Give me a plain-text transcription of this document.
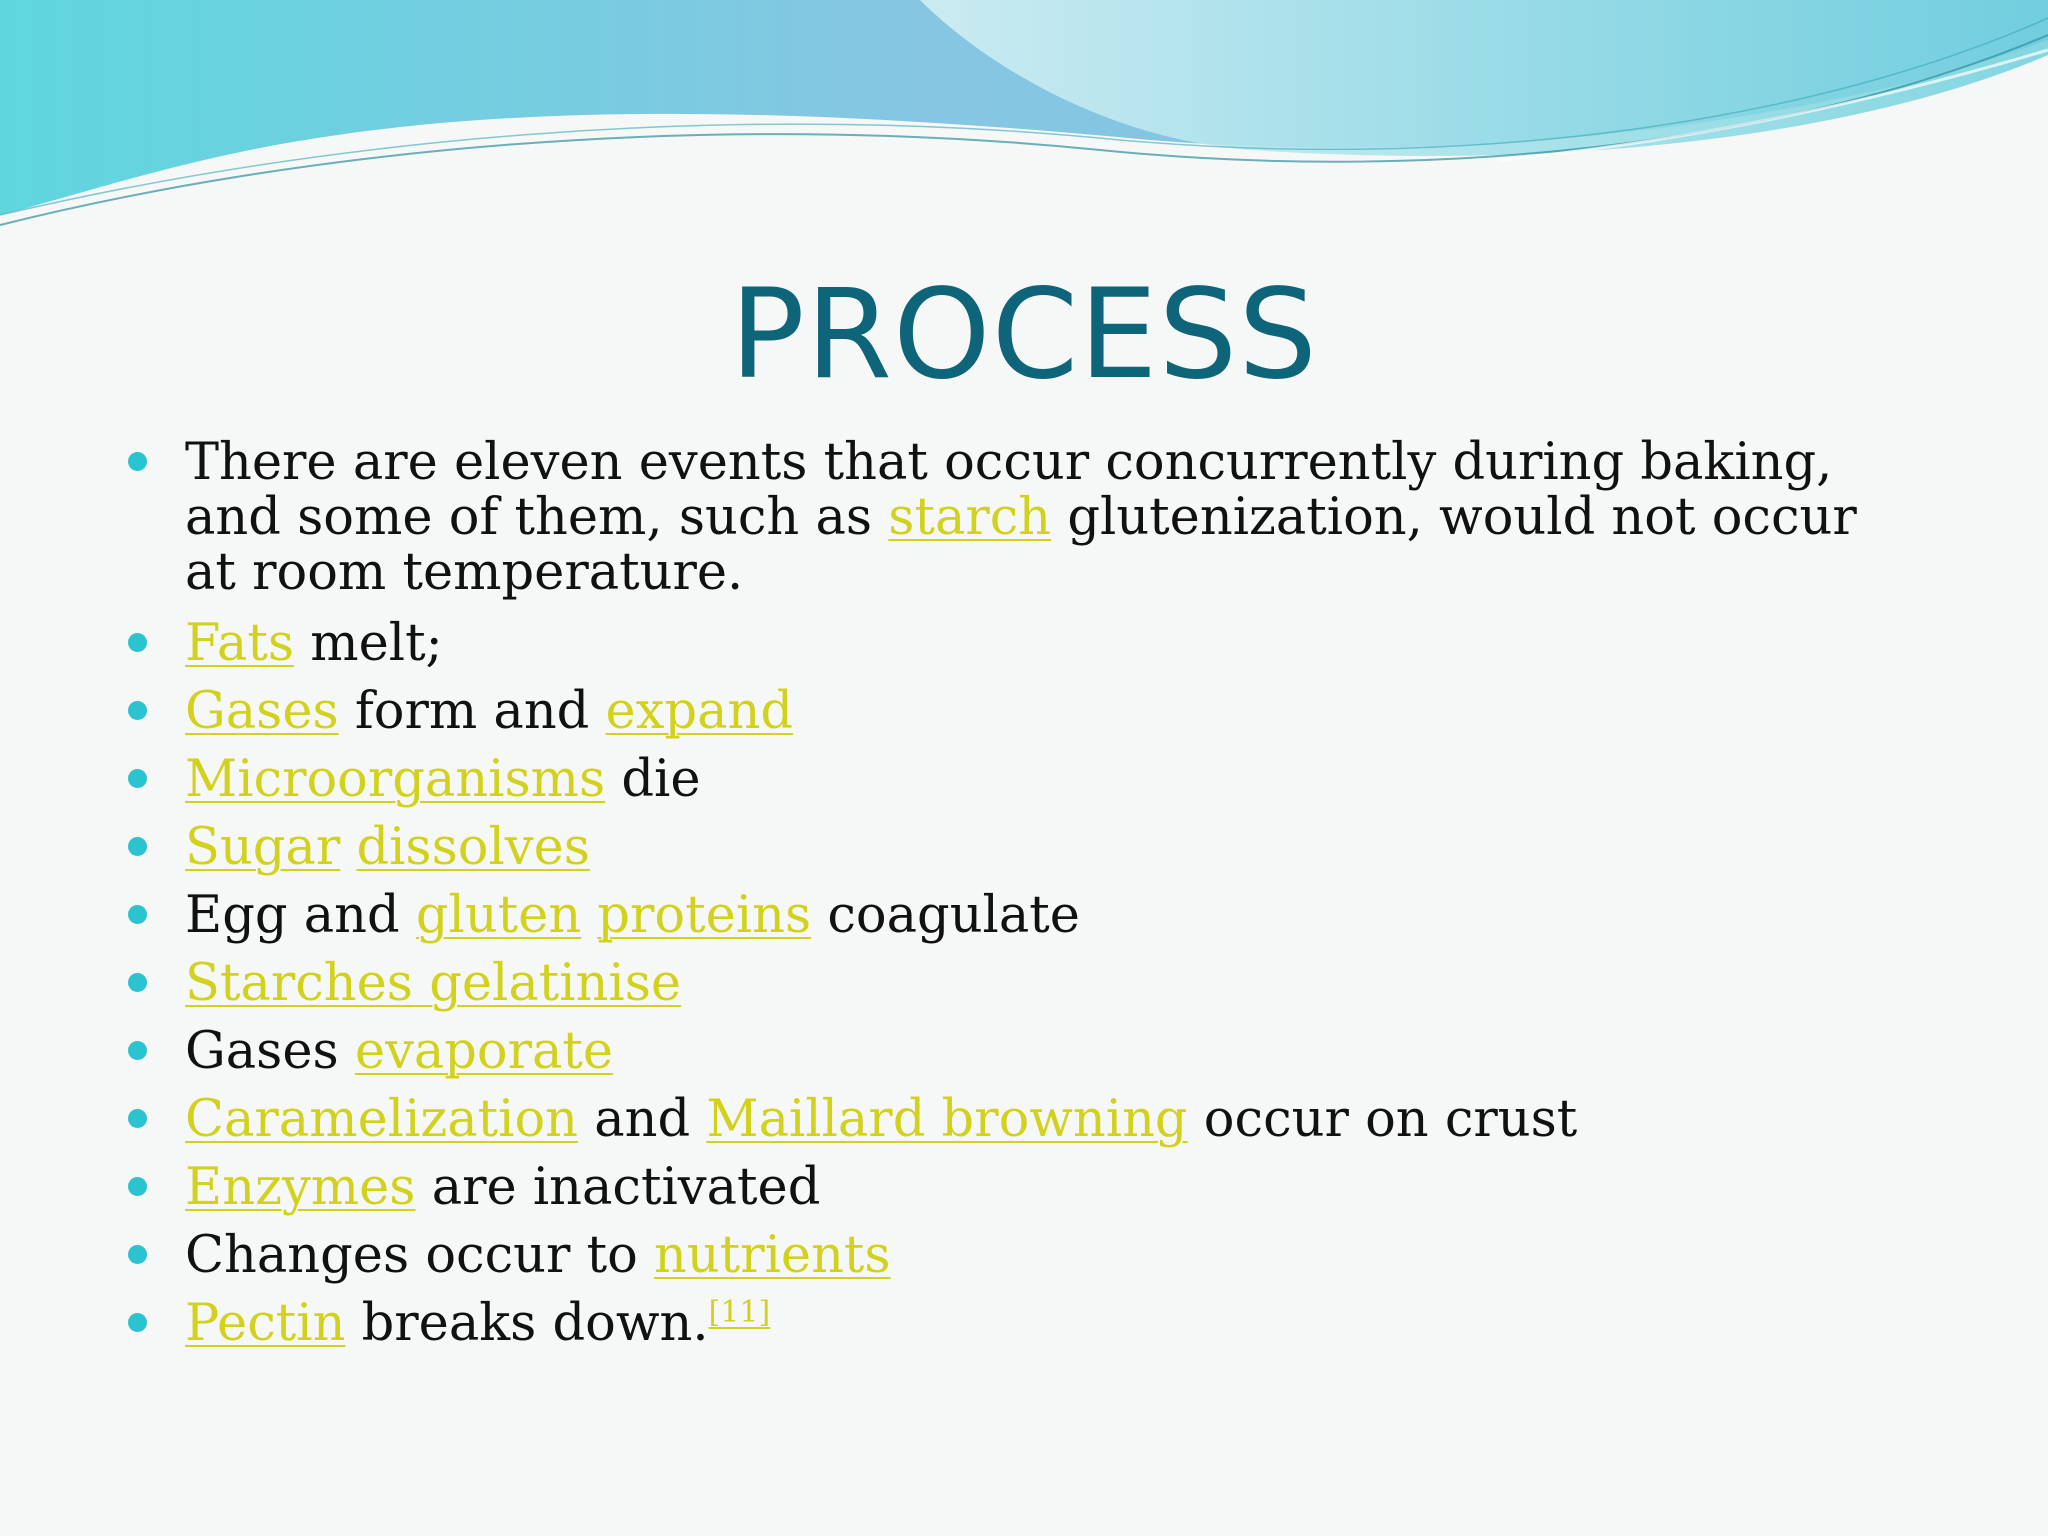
PROCESS
There are eleven events that occur concurrently during baking, and some of them, such as starch glutenization, would not occur at room temperature.
Fats melt;
Gases form and expand
Microorganisms die
Sugar dissolves
Egg and gluten proteins coagulate
Starches gelatinise
Gases evaporate
Caramelization and Maillard browning occur on crust
Enzymes are inactivated
Changes occur to nutrients
Pectin breaks down.[11]
